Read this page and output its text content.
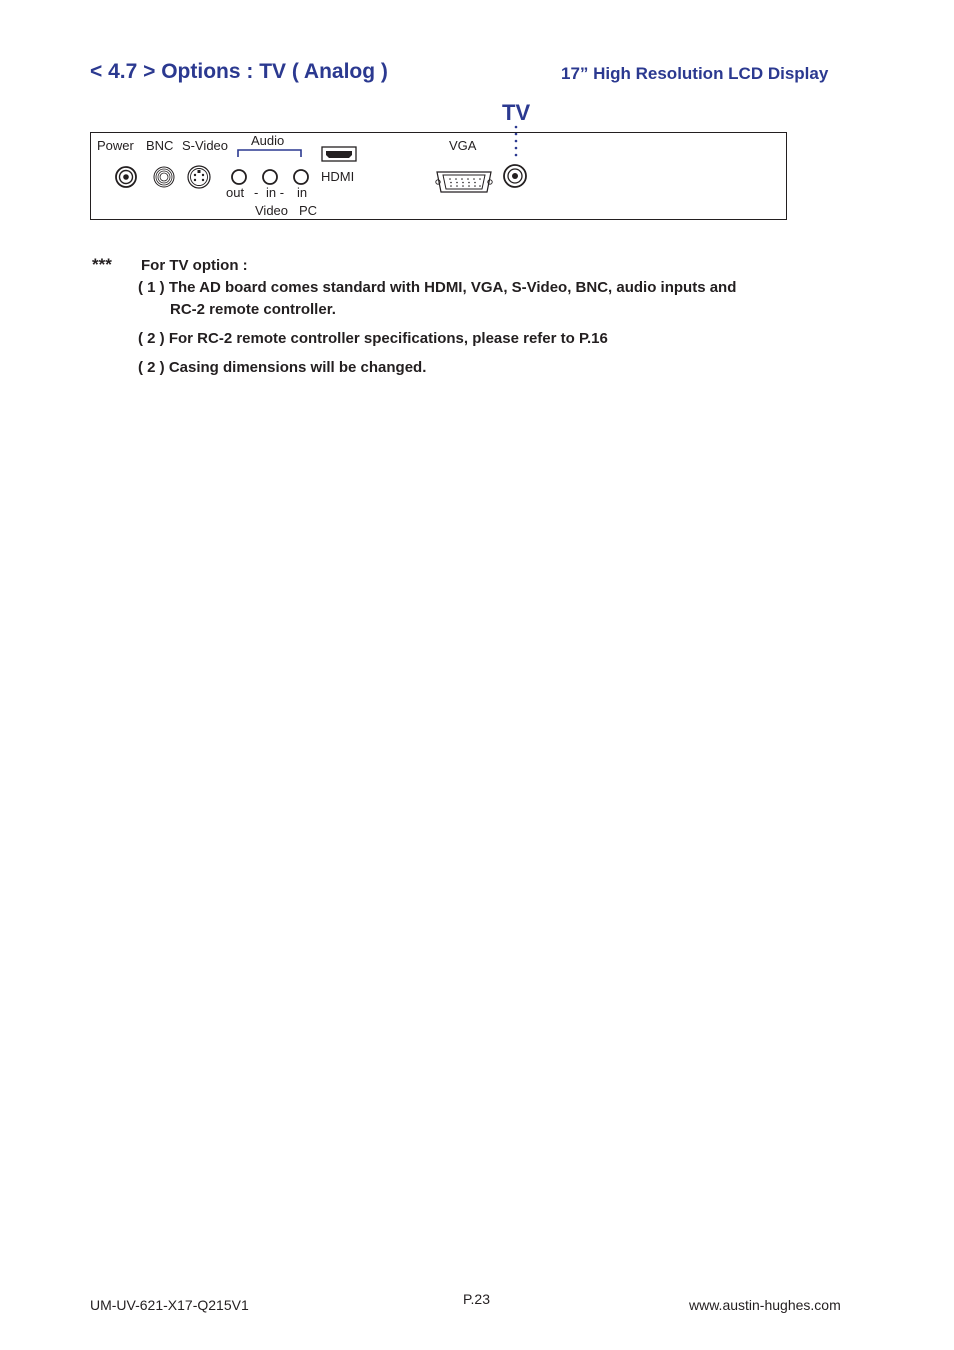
< 4.7 > Options : TV ( Analog )	17” High Resolution LCD Display
TV
Power BNC S-Video Audio	VGA
HDMI
out - in - in
Video PC
*** For TV option :
( 1 ) The AD board comes standard with HDMI, VGA, S-Video, BNC, audio inputs and
RC-2 remote controller.
( 2 ) For RC-2 remote controller specifications, please refer to P.16
( 2 ) Casing dimensions will be changed.
UM-UV-621-X17-Q215V1	P.23	www.austin-hughes.com
